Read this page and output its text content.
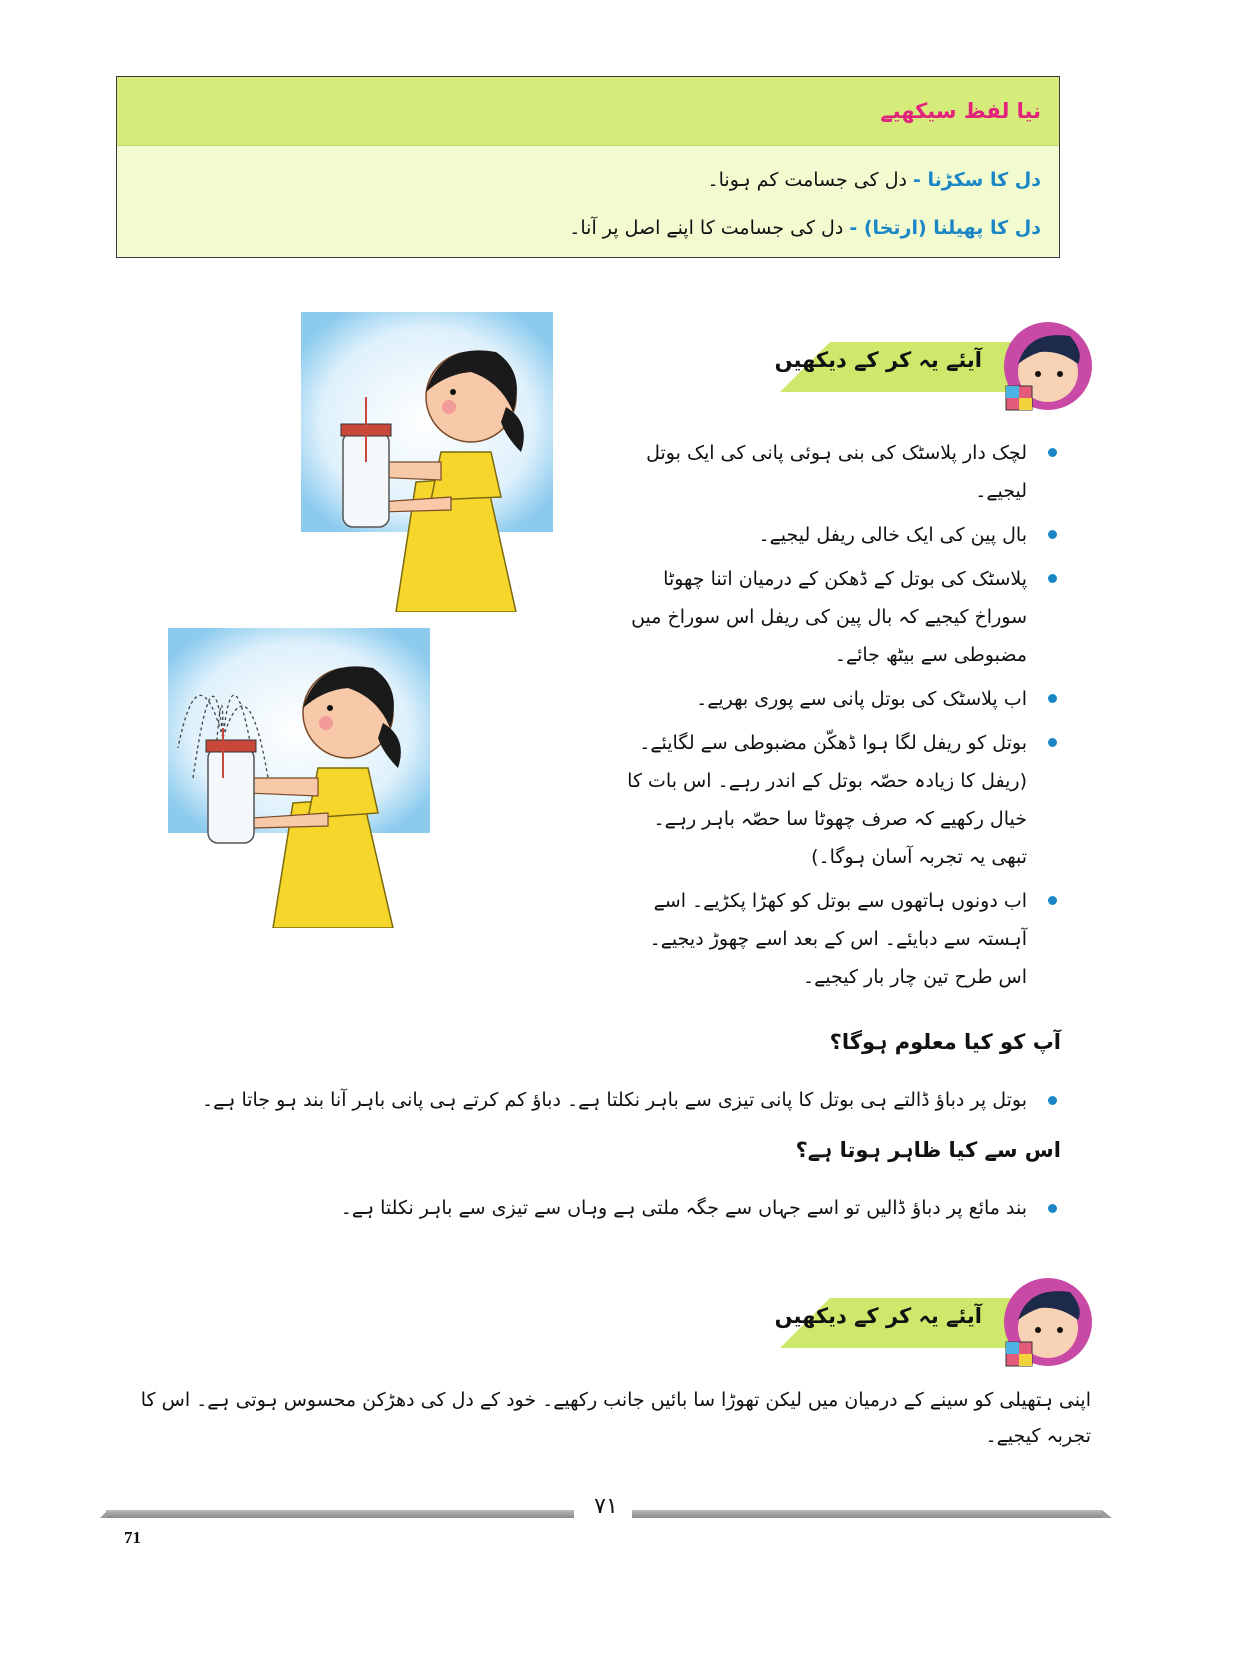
نیا لفظ سیکھیے
دل کا سکڑنا - دل کی جسامت کم ہونا۔
دل کا پھیلنا (ارتخا) - دل کی جسامت کا اپنے اصل پر آنا۔
آیئے یہ کر کے دیکھیں
لچک دار پلاسٹک کی بنی ہوئی پانی کی ایک بوتل لیجیے۔
بال پین کی ایک خالی ریفل لیجیے۔
پلاسٹک کی بوتل کے ڈھکن کے درمیان اتنا چھوٹا سوراخ کیجیے کہ بال پین کی ریفل اس سوراخ میں مضبوطی سے بیٹھ جائے۔
اب پلاسٹک کی بوتل پانی سے پوری بھریے۔
بوتل کو ریفل لگا ہوا ڈھکّن مضبوطی سے لگایئے۔ (ریفل کا زیادہ حصّہ بوتل کے اندر رہے۔ اس بات کا خیال رکھیے کہ صرف چھوٹا سا حصّہ باہر رہے۔ تبھی یہ تجربہ آسان ہوگا۔)
اب دونوں ہاتھوں سے بوتل کو کھڑا پکڑیے۔ اسے آہستہ سے دبایئے۔ اس کے بعد اسے چھوڑ دیجیے۔ اس طرح تین چار بار کیجیے۔
آپ کو کیا معلوم ہوگا؟
بوتل پر دباؤ ڈالتے ہی بوتل کا پانی تیزی سے باہر نکلتا ہے۔ دباؤ کم کرتے ہی پانی باہر آنا بند ہو جاتا ہے۔
اس سے کیا ظاہر ہوتا ہے؟
بند مائع پر دباؤ ڈالیں تو اسے جہاں سے جگہ ملتی ہے وہاں سے تیزی سے باہر نکلتا ہے۔
آیئے یہ کر کے دیکھیں
اپنی ہتھیلی کو سینے کے درمیان میں لیکن تھوڑا سا بائیں جانب رکھیے۔ خود کے دل کی دھڑکن محسوس ہوتی ہے۔ اس کا تجربہ کیجیے۔
۷۱
71
